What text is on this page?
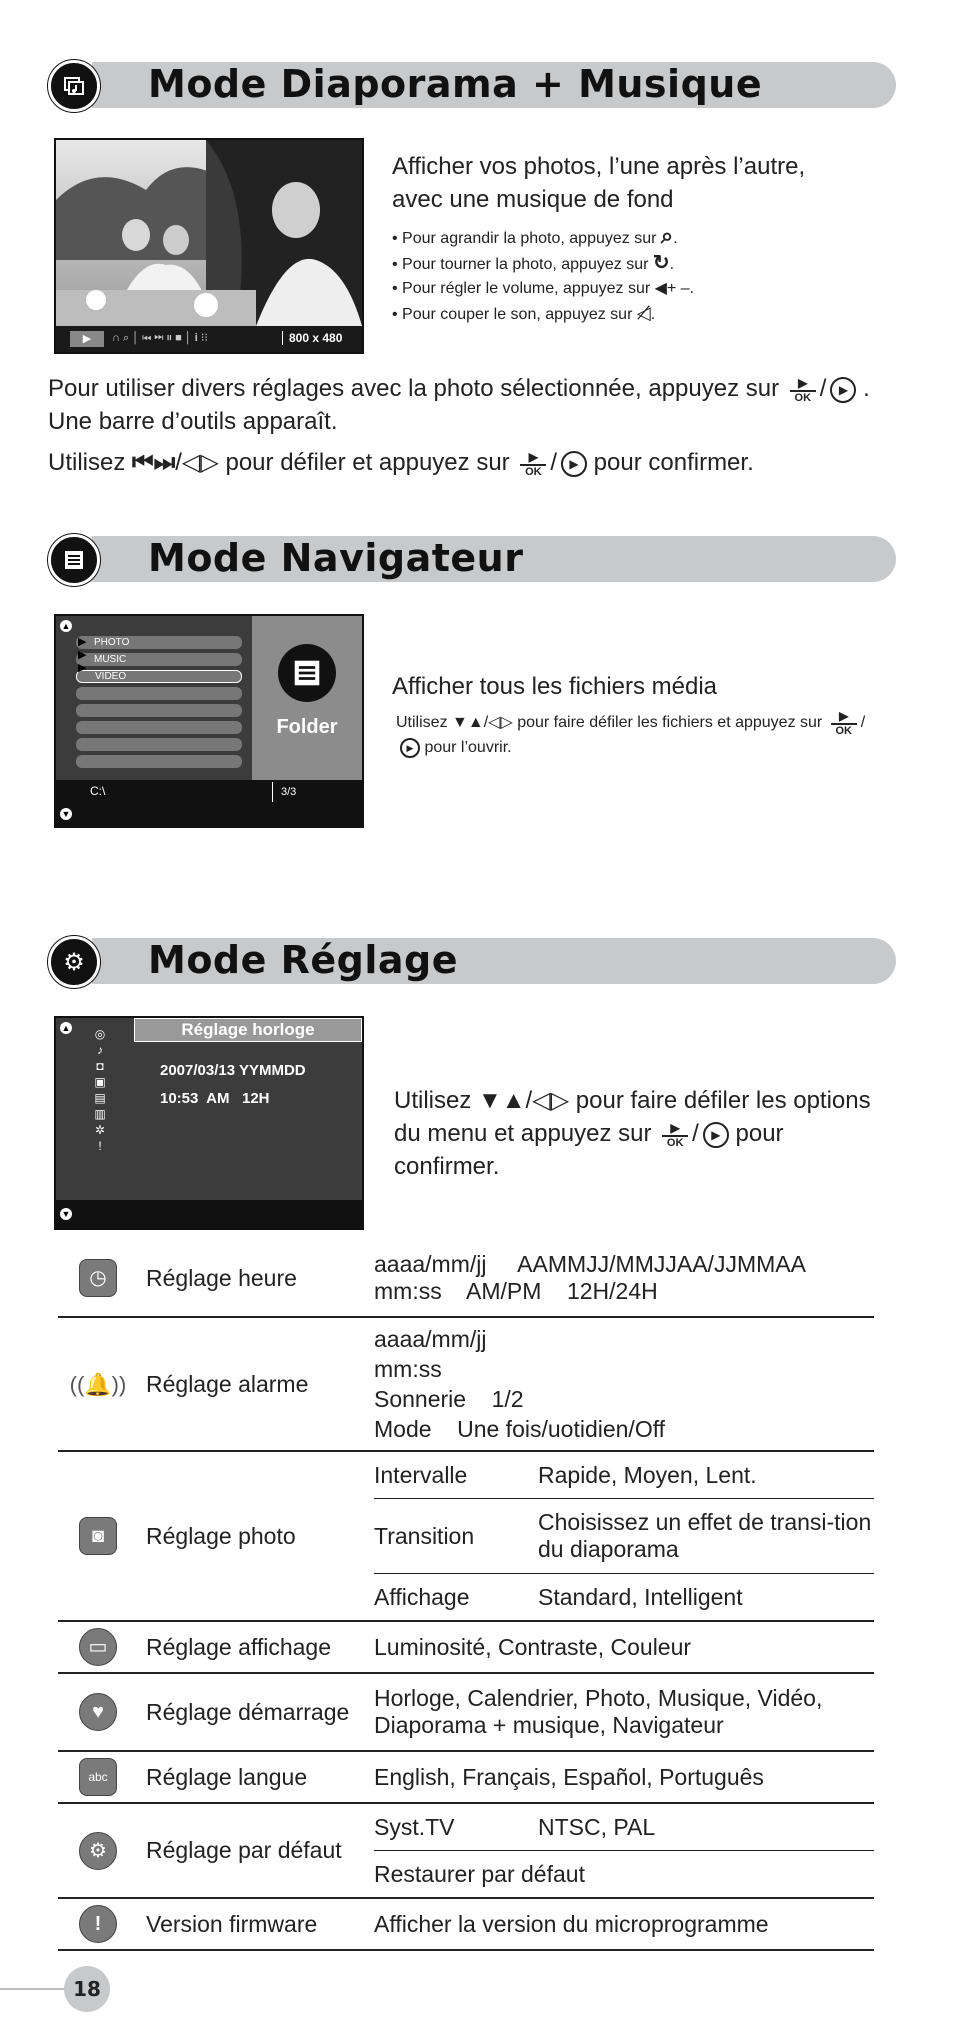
Mode Diaporama + Musique
▶	∩ ⌕ │ ⏮ ⏭ ⏸ ■ │ i ⁝⁝	800 x 480
Afficher vos photos, l’une après l’autre, avec une musique de fond
• Pour agrandir la photo, appuyez sur ⌕.
• Pour tourner la photo, appuyez sur ↻.
• Pour régler le volume, appuyez sur ◀+ –.
• Pour couper le son, appuyez sur ◁̸.
Pour utiliser divers réglages avec la photo sélectionnée, appuyez sur	▶
OK / ▶ . Une barre d’outils apparaît.
Utilisez ⏮⏭/◁▷ pour défiler et appuyez sur	▶
OK / ▶ pour confirmer.
Mode Navigateur
▲
PHOTO
MUSIC
VIDEO
▶
▶
▶
Folder
C:\	3/3
▼
Afficher tous les fichiers média
Utilisez ▼▲/◁▷ pour faire défiler les fichiers et appuyez sur	▶
OK /▶ pour l’ouvrir.
⚙	Mode Réglage
▲ ◎
♪
◘
▣
▤
▥
✲
!
Réglage horloge
2007/03/13 YYMMDD
10:53  AM   12H
▼
Utilisez ▼▲/◁▷ pour faire défiler les options du menu et appuyez sur	▶
OK / ▶ pour confirmer.
◷	Réglage heure	aaaa/mm/jj     AAMMJJ/MMJJAA/JJMMAA
mm:ss    AM/PM    12H/24H	

((🔔))	Réglage alarme	aaaa/mm/jj
mm:ss
Sonnerie    1/2
Mode    Une fois/uotidien/Off	

◙	Réglage photo	Intervalle	Rapide, Moyen, Lent.
		Transition	Choisissez un effet de transi-tion du diaporama
		Affichage	Standard, Intelligent
▭	Réglage affichage	Luminosité, Contraste, Couleur	
♥	Réglage démarrage	Horloge, Calendrier, Photo, Musique, Vidéo, Diaporama + musique, Navigateur	
abc	Réglage langue	English, Français, Español, Português	
⚙	Réglage par défaut	Syst.TV	NTSC, PAL
		Restaurer par défaut	
!	Version firmware	Afficher la version du microprogramme	
18
